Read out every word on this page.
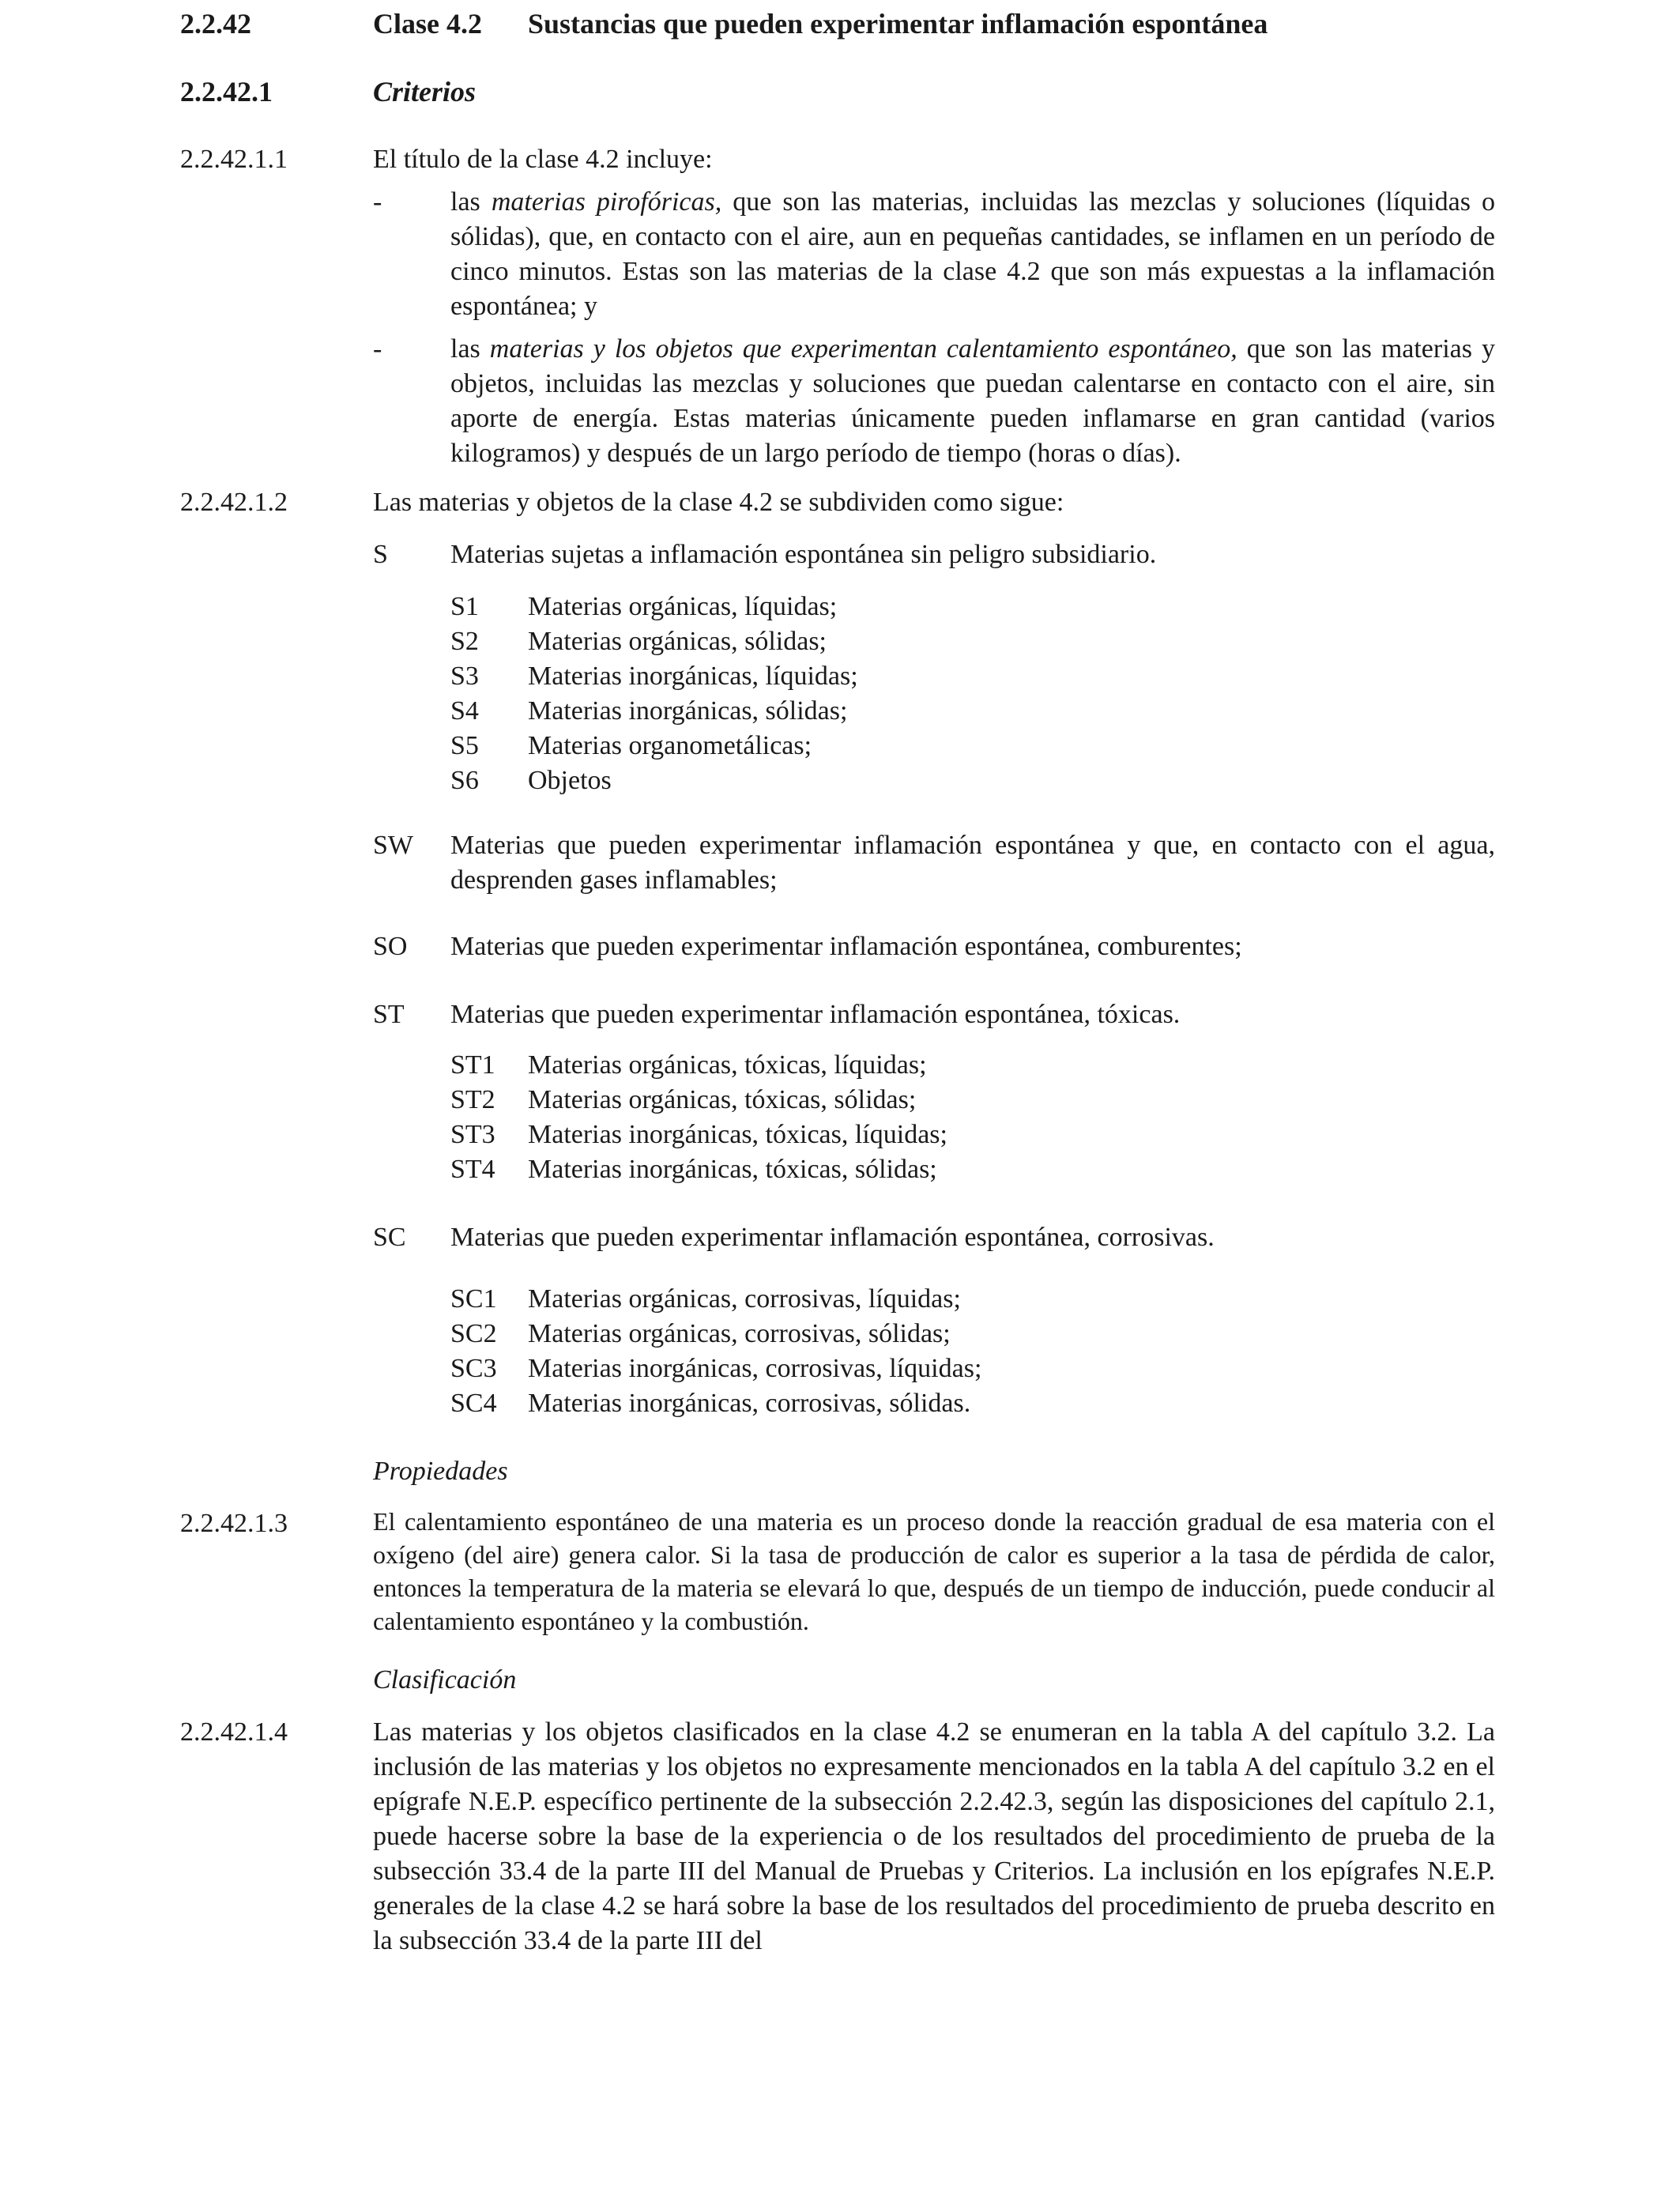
2.2.42	Clase 4.2 Sustancias que pueden experimentar inflamación espontánea
2.2.42.1	Criterios
2.2.42.1.1	El título de la clase 4.2 incluye:
-	las materias pirofóricas, que son las materias, incluidas las mezclas y soluciones (líquidas o sólidas), que, en contacto con el aire, aun en pequeñas cantidades, se inflamen en un período de cinco minutos. Estas son las materias de la clase 4.2 que son más expuestas a la inflamación espontánea; y
-	las materias y los objetos que experimentan calentamiento espontáneo, que son las materias y objetos, incluidas las mezclas y soluciones que puedan calentarse en contacto con el aire, sin aporte de energía. Estas materias únicamente pueden inflamarse en gran cantidad (varios kilogramos) y después de un largo período de tiempo (horas o días).
2.2.42.1.2	Las materias y objetos de la clase 4.2 se subdividen como sigue:
S Materias sujetas a inflamación espontánea sin peligro subsidiario.
S1 Materias orgánicas, líquidas;
S2 Materias orgánicas, sólidas;
S3 Materias inorgánicas, líquidas;
S4 Materias inorgánicas, sólidas;
S5 Materias organometálicas;
S6 Objetos
SW Materias que pueden experimentar inflamación espontánea y que, en contacto con el agua, desprenden gases inflamables;
SO Materias que pueden experimentar inflamación espontánea, comburentes;
ST Materias que pueden experimentar inflamación espontánea, tóxicas.
ST1 Materias orgánicas, tóxicas, líquidas;
ST2 Materias orgánicas, tóxicas, sólidas;
ST3 Materias inorgánicas, tóxicas, líquidas;
ST4 Materias inorgánicas, tóxicas, sólidas;
SC Materias que pueden experimentar inflamación espontánea, corrosivas.
SC1 Materias orgánicas, corrosivas, líquidas;
SC2 Materias orgánicas, corrosivas, sólidas;
SC3 Materias inorgánicas, corrosivas, líquidas;
SC4 Materias inorgánicas, corrosivas, sólidas.
Propiedades
2.2.42.1.3	El calentamiento espontáneo de una materia es un proceso donde la reacción gradual de esa materia con el oxígeno (del aire) genera calor. Si la tasa de producción de calor es superior a la tasa de pérdida de calor, entonces la temperatura de la materia se elevará lo que, después de un tiempo de inducción, puede conducir al calentamiento espontáneo y la combustión.
Clasificación
2.2.42.1.4	Las materias y los objetos clasificados en la clase 4.2 se enumeran en la tabla A del capítulo 3.2. La inclusión de las materias y los objetos no expresamente mencionados en la tabla A del capítulo 3.2 en el epígrafe N.E.P. específico pertinente de la subsección 2.2.42.3, según las disposiciones del capítulo 2.1, puede hacerse sobre la base de la experiencia o de los resultados del procedimiento de prueba de la subsección 33.4 de la parte III del Manual de Pruebas y Criterios. La inclusión en los epígrafes N.E.P. generales de la clase 4.2 se hará sobre la base de los resultados del procedimiento de prueba descrito en la subsección 33.4 de la parte III del
